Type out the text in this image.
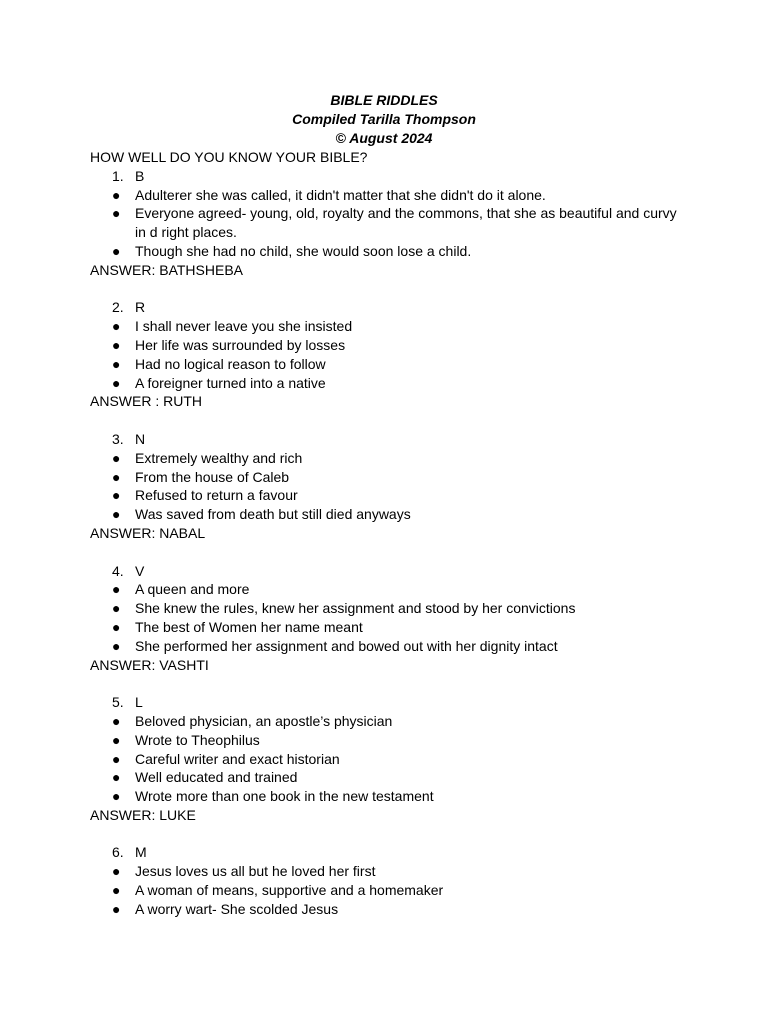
BIBLE RIDDLES
Compiled Tarilla Thompson
© August 2024
HOW WELL DO YOU KNOW YOUR BIBLE?
1. B
● Adulterer she was called, it didn't matter that she didn't do it alone.
● Everyone agreed- young, old, royalty and the commons, that she as beautiful and curvy in d right places.
● Though she had no child, she would soon lose a child.
ANSWER: BATHSHEBA
2. R
● I shall never leave you she insisted
● Her life was surrounded by losses
● Had no logical reason to follow
● A foreigner turned into a native
ANSWER : RUTH
3. N
● Extremely wealthy and rich
● From the house of Caleb
● Refused to return a favour
● Was saved from death but still died anyways
ANSWER: NABAL
4. V
● A queen and more
● She knew the rules, knew her assignment and stood by her convictions
● The best of Women her name meant
● She performed her assignment and bowed out with her dignity intact
ANSWER: VASHTI
5. L
● Beloved physician, an apostle’s physician
● Wrote to Theophilus
● Careful writer and exact historian
● Well educated and trained
● Wrote more than one book in the new testament
ANSWER: LUKE
6. M
● Jesus loves us all but he loved her first
● A woman of means, supportive and a homemaker
● A worry wart- She scolded Jesus
